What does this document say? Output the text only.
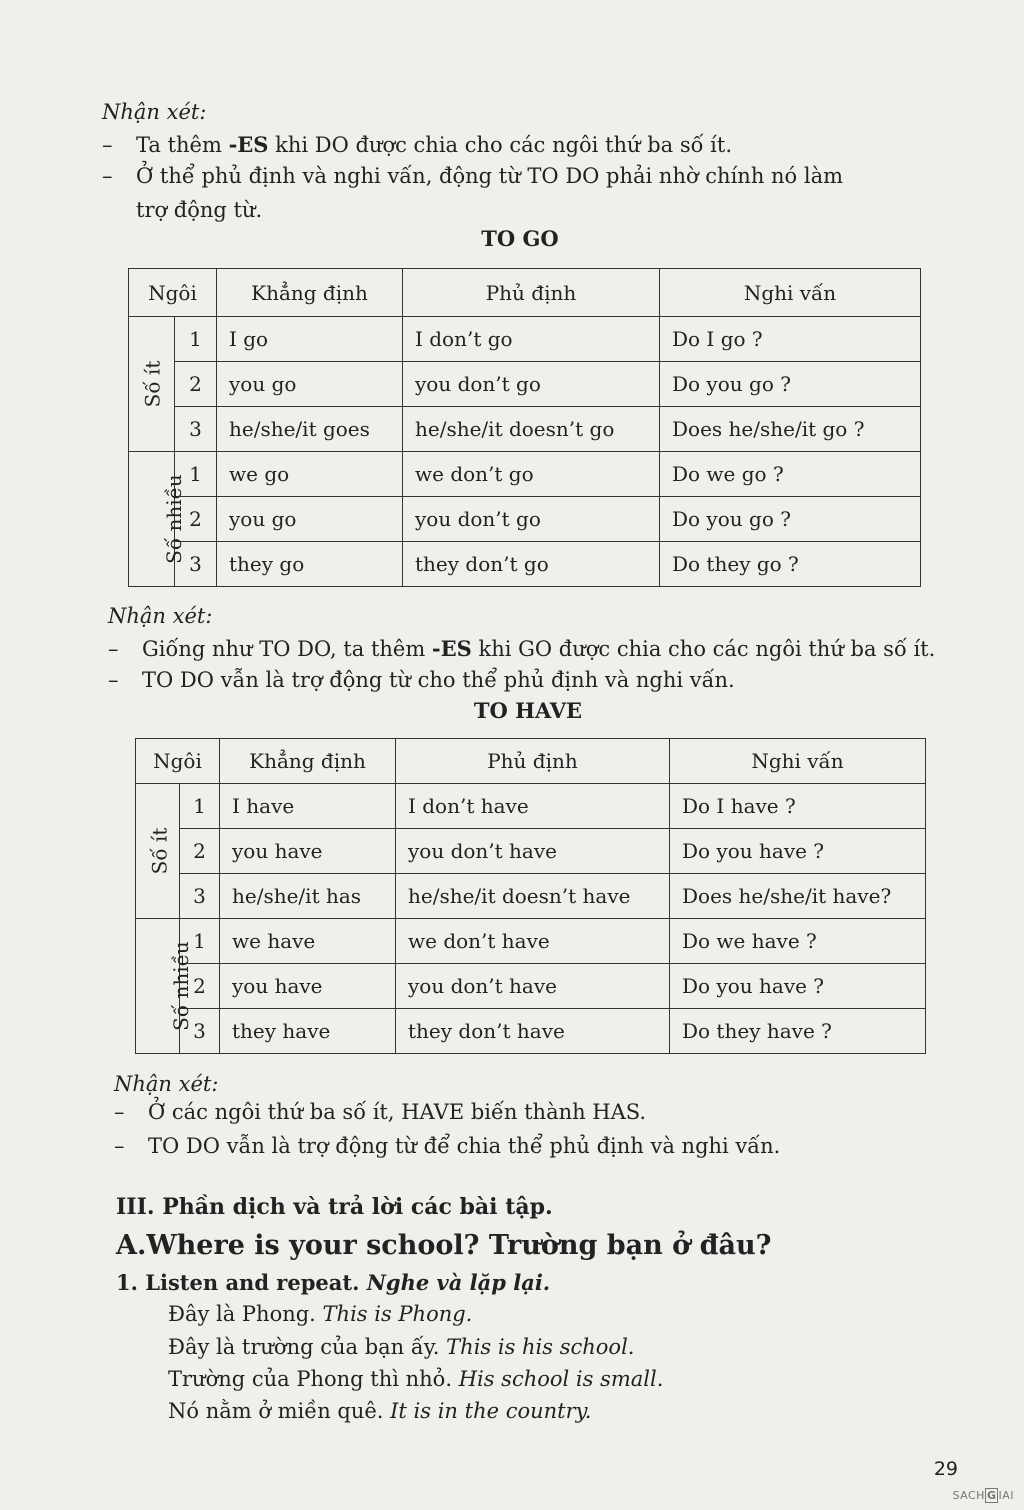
Nhận xét:
– Ta thêm -ES khi DO được chia cho các ngôi thứ ba số ít.
– Ở thể phủ định và nghi vấn, động từ TO DO phải nhờ chính nó làm
trợ động từ.
TO GO
Ngôi		Khẳng định	Phủ định	Nghi vấn
Số ít	1	I go	I don’t go	Do I go ?
	2	you go	you don’t go	Do you go ?
	3	he/she/it goes	he/she/it doesn’t go	Does he/she/it go ?
Số nhiều	1	we go	we don’t go	Do we go ?
	2	you go	you don’t go	Do you go ?
	3	they go	they don’t go	Do they go ?
Nhận xét:
– Giống như TO DO, ta thêm -ES khi GO được chia cho các ngôi thứ ba số ít.
– TO DO vẫn là trợ động từ cho thể phủ định và nghi vấn.
TO HAVE
Ngôi		Khẳng định	Phủ định	Nghi vấn
Số ít	1	I have	I don’t have	Do I have ?
	2	you have	you don’t have	Do you have ?
	3	he/she/it has	he/she/it doesn’t have	Does he/she/it have?
Số nhiều	1	we have	we don’t have	Do we have ?
	2	you have	you don’t have	Do you have ?
	3	they have	they don’t have	Do they have ?
Nhận xét:
– Ở các ngôi thứ ba số ít, HAVE biến thành HAS.
– TO DO vẫn là trợ động từ để chia thể phủ định và nghi vấn.
III. Phần dịch và trả lời các bài tập.
A.Where is your school? Trường bạn ở đâu?
1. Listen and repeat. Nghe và lặp lại.
Đây là Phong. This is Phong.
Đây là trường của bạn ấy. This is his school.
Trường của Phong thì nhỏ. His school is small.
Nó nằm ở miền quê. It is in the country.
29
SACH G IAI
